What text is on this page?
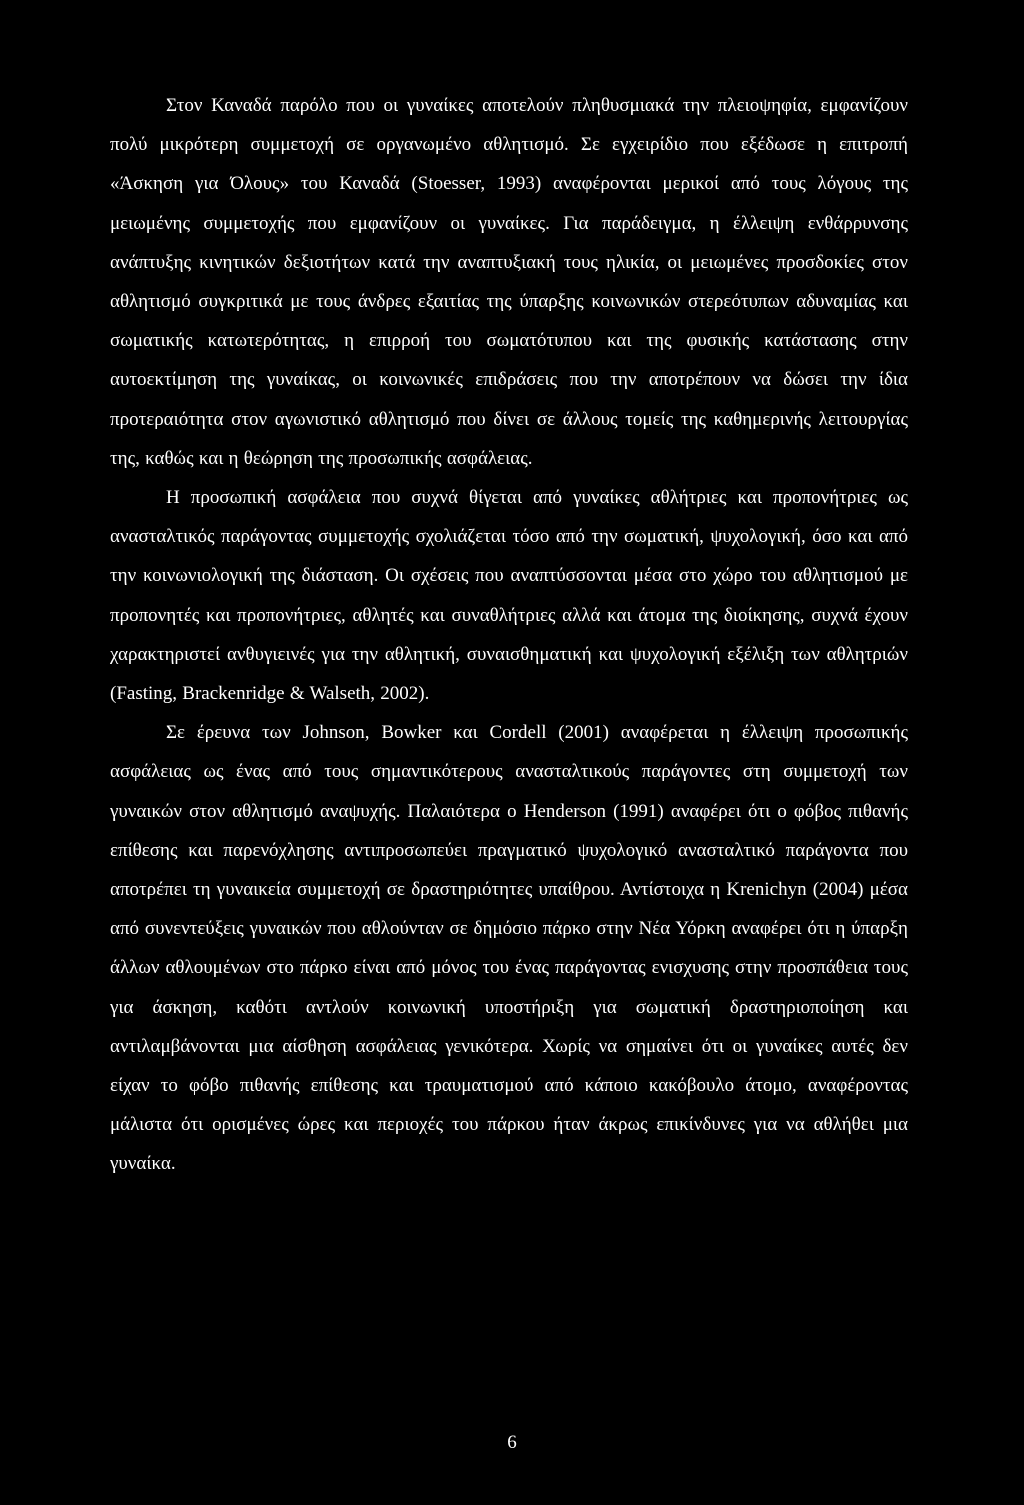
Στον Καναδά παρόλο που οι γυναίκες αποτελούν πληθυσμιακά την πλειοψηφία, εμφανίζουν πολύ μικρότερη συμμετοχή σε οργανωμένο αθλητισμό. Σε εγχειρίδιο που εξέδωσε η επιτροπή «Άσκηση για Όλους» του Καναδά (Stoesser, 1993) αναφέρονται μερικοί από τους λόγους της μειωμένης συμμετοχής που εμφανίζουν οι γυναίκες. Για παράδειγμα, η έλλειψη ενθάρρυνσης ανάπτυξης κινητικών δεξιοτήτων κατά την αναπτυξιακή τους ηλικία, οι μειωμένες προσδοκίες στον αθλητισμό συγκριτικά με τους άνδρες εξαιτίας της ύπαρξης κοινωνικών στερεότυπων αδυναμίας και σωματικής κατωτερότητας, η επιρροή του σωματότυπου και της φυσικής κατάστασης στην αυτοεκτίμηση της γυναίκας, οι κοινωνικές επιδράσεις που την αποτρέπουν να δώσει την ίδια προτεραιότητα στον αγωνιστικό αθλητισμό που δίνει σε άλλους τομείς της καθημερινής λειτουργίας της, καθώς και η θεώρηση της προσωπικής ασφάλειας.

Η προσωπική ασφάλεια που συχνά θίγεται από γυναίκες αθλήτριες και προπονήτριες ως ανασταλτικός παράγοντας συμμετοχής σχολιάζεται τόσο από την σωματική, ψυχολογική, όσο και από την κοινωνιολογική της διάσταση. Οι σχέσεις που αναπτύσσονται μέσα στο χώρο του αθλητισμού με προπονητές και προπονήτριες, αθλητές και συναθλήτριες αλλά και άτομα της διοίκησης, συχνά έχουν χαρακτηριστεί ανθυγιεινές για την αθλητική, συναισθηματική και ψυχολογική εξέλιξη των αθλητριών (Fasting, Brackenridge & Walseth, 2002).

Σε έρευνα των Johnson, Bowker και Cordell (2001) αναφέρεται η έλλειψη προσωπικής ασφάλειας ως ένας από τους σημαντικότερους ανασταλτικούς παράγοντες στη συμμετοχή των γυναικών στον αθλητισμό αναψυχής. Παλαιότερα ο Henderson (1991) αναφέρει ότι ο φόβος πιθανής επίθεσης και παρενόχλησης αντιπροσωπεύει πραγματικό ψυχολογικό ανασταλτικό παράγοντα που αποτρέπει τη γυναικεία συμμετοχή σε δραστηριότητες υπαίθρου. Αντίστοιχα η Krenichyn (2004) μέσα από συνεντεύξεις γυναικών που αθλούνταν σε δημόσιο πάρκο στην Νέα Υόρκη αναφέρει ότι η ύπαρξη άλλων αθλουμένων στο πάρκο είναι από μόνος του ένας παράγοντας ενισχυσης στην προσπάθεια τους για άσκηση, καθότι αντλούν κοινωνική υποστήριξη για σωματική δραστηριοποίηση και αντιλαμβάνονται μια αίσθηση ασφάλειας γενικότερα. Χωρίς να σημαίνει ότι οι γυναίκες αυτές δεν είχαν το φόβο πιθανής επίθεσης και τραυματισμού από κάποιο κακόβουλο άτομο, αναφέροντας μάλιστα ότι ορισμένες ώρες και περιοχές του πάρκου ήταν άκρως επικίνδυνες για να αθλήθει μια γυναίκα.

6
